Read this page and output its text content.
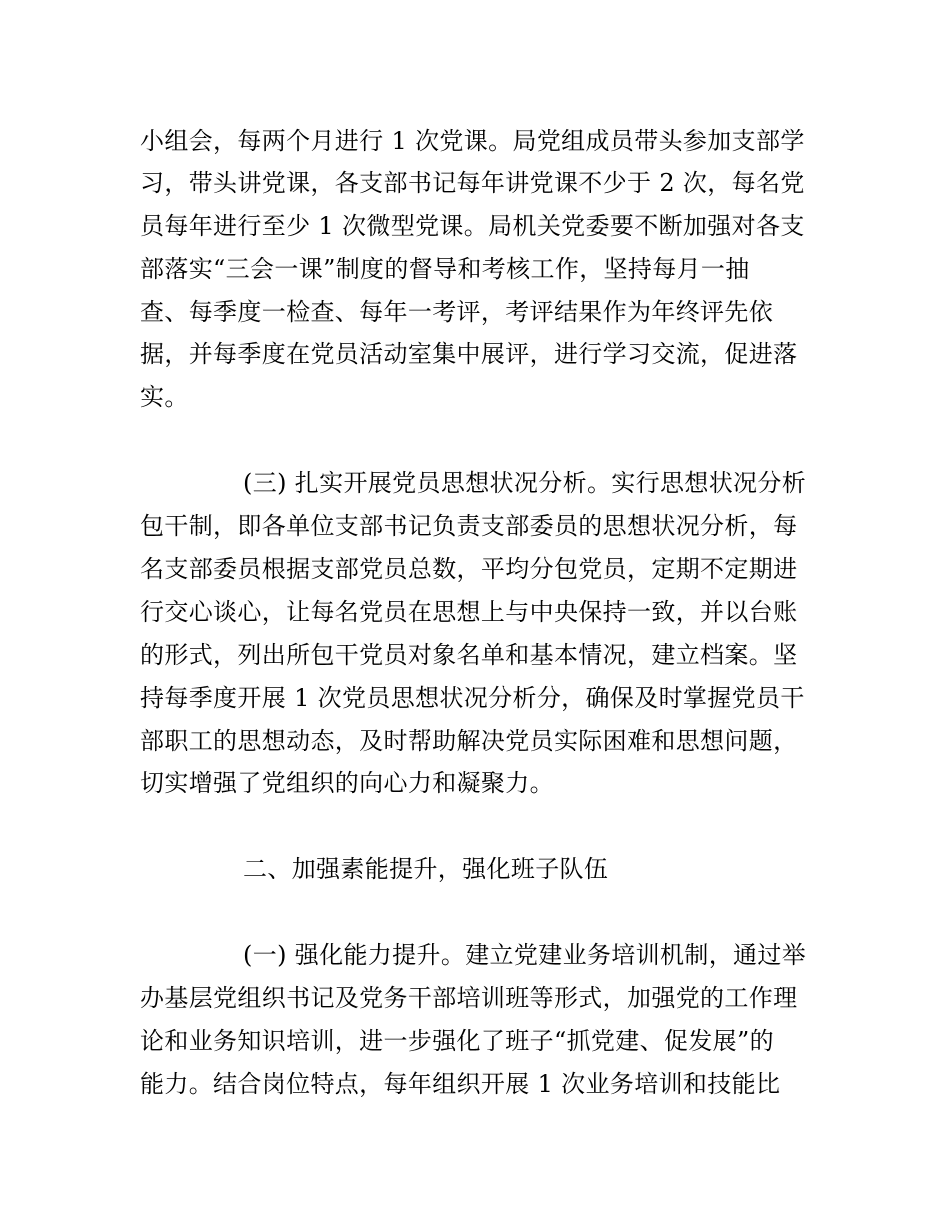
小组会，每两个月进行 1 次党课。局党组成员带头参加支部学
习，带头讲党课，各支部书记每年讲党课不少于 2 次，每名党
员每年进行至少 1 次微型党课。局机关党委要不断加强对各支
部落实“三会一课”制度的督导和考核工作，坚持每月一抽
查、每季度一检查、每年一考评，考评结果作为年终评先依
据，并每季度在党员活动室集中展评，进行学习交流，促进落
实。
(三) 扎实开展党员思想状况分析。实行思想状况分析
包干制，即各单位支部书记负责支部委员的思想状况分析，每
名支部委员根据支部党员总数，平均分包党员，定期不定期进
行交心谈心，让每名党员在思想上与中央保持一致，并以台账
的形式，列出所包干党员对象名单和基本情况，建立档案。坚
持每季度开展 1 次党员思想状况分析分，确保及时掌握党员干
部职工的思想动态，及时帮助解决党员实际困难和思想问题，
切实增强了党组织的向心力和凝聚力。
二、加强素能提升，强化班子队伍
(一) 强化能力提升。建立党建业务培训机制，通过举
办基层党组织书记及党务干部培训班等形式，加强党的工作理
论和业务知识培训，进一步强化了班子“抓党建、促发展”的
能力。结合岗位特点，每年组织开展 1 次业务培训和技能比
